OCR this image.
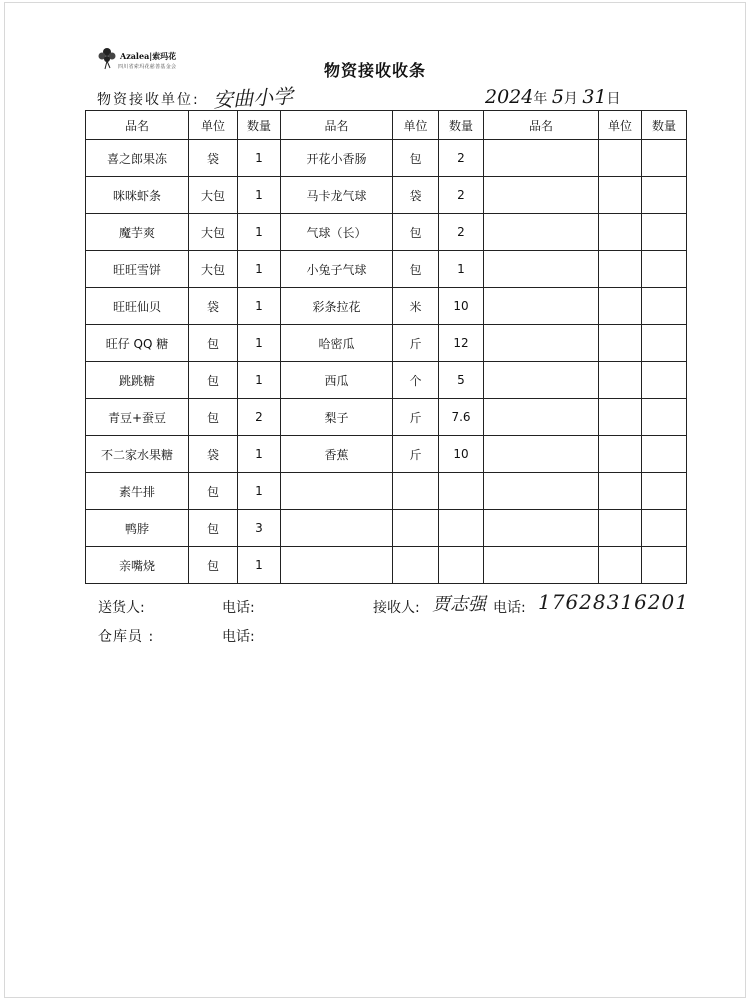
Azalea|索玛花
四川省索玛花慈善基金会	物资接收收条
物资接收单位: 安曲小学	2024年 5月 31日
品名	单位	数量	品名	单位	数量	品名	单位	数量
喜之郎果冻	袋	1	开花小香肠	包	2			
咪咪虾条	大包	1	马卡龙气球	袋	2			
魔芋爽	大包	1	气球（长）	包	2			
旺旺雪饼	大包	1	小兔子气球	包	1			
旺旺仙贝	袋	1	彩条拉花	米	10			
旺仔 QQ 糖	包	1	哈密瓜	斤	12			
跳跳糖	包	1	西瓜	个	5			
青豆+蚕豆	包	2	梨子	斤	7.6			
不二家水果糖	袋	1	香蕉	斤	10			
素牛排	包	1						
鸭脖	包	3						
亲嘴烧	包	1						
送货人:	电话:	接收人: 贾志强 电话: 17628316201
仓库员 :	电话:
